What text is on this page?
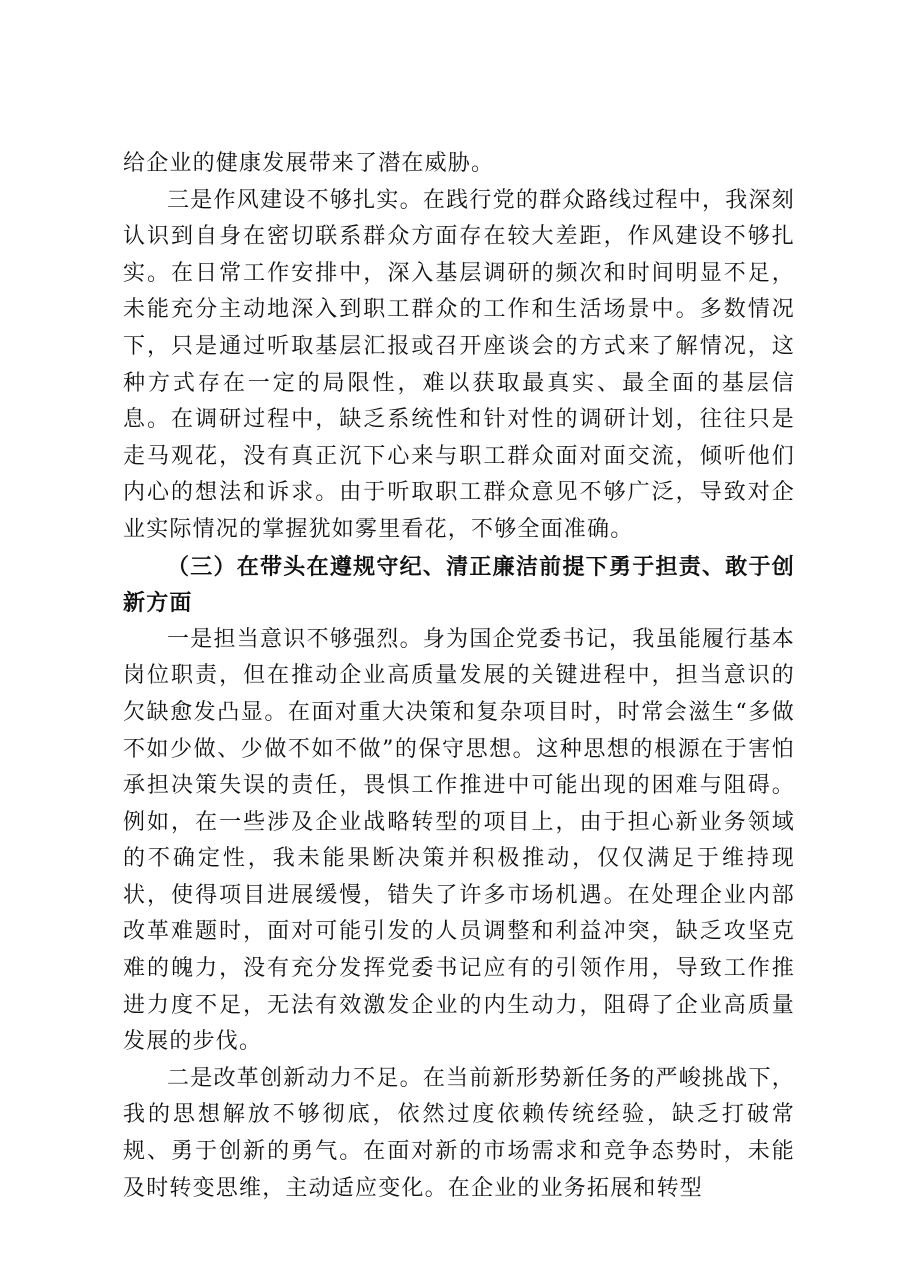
给企业的健康发展带来了潜在威胁。

三是作风建设不够扎实。在践行党的群众路线过程中，我深刻认识到自身在密切联系群众方面存在较大差距，作风建设不够扎实。在日常工作安排中，深入基层调研的频次和时间明显不足，未能充分主动地深入到职工群众的工作和生活场景中。多数情况下，只是通过听取基层汇报或召开座谈会的方式来了解情况，这种方式存在一定的局限性，难以获取最真实、最全面的基层信息。在调研过程中，缺乏系统性和针对性的调研计划，往往只是走马观花，没有真正沉下心来与职工群众面对面交流，倾听他们内心的想法和诉求。由于听取职工群众意见不够广泛，导致对企业实际情况的掌握犹如雾里看花，不够全面准确。

（三）在带头在遵规守纪、清正廉洁前提下勇于担责、敢于创新方面

一是担当意识不够强烈。身为国企党委书记，我虽能履行基本岗位职责，但在推动企业高质量发展的关键进程中，担当意识的欠缺愈发凸显。在面对重大决策和复杂项目时，时常会滋生“多做不如少做、少做不如不做”的保守思想。这种思想的根源在于害怕承担决策失误的责任，畏惧工作推进中可能出现的困难与阻碍。例如，在一些涉及企业战略转型的项目上，由于担心新业务领域的不确定性，我未能果断决策并积极推动，仅仅满足于维持现状，使得项目进展缓慢，错失了许多市场机遇。在处理企业内部改革难题时，面对可能引发的人员调整和利益冲突，缺乏攻坚克难的魄力，没有充分发挥党委书记应有的引领作用，导致工作推进力度不足，无法有效激发企业的内生动力，阻碍了企业高质量发展的步伐。

二是改革创新动力不足。在当前新形势新任务的严峻挑战下，我的思想解放不够彻底，依然过度依赖传统经验，缺乏打破常规、勇于创新的勇气。在面对新的市场需求和竞争态势时，未能及时转变思维，主动适应变化。在企业的业务拓展和转型
